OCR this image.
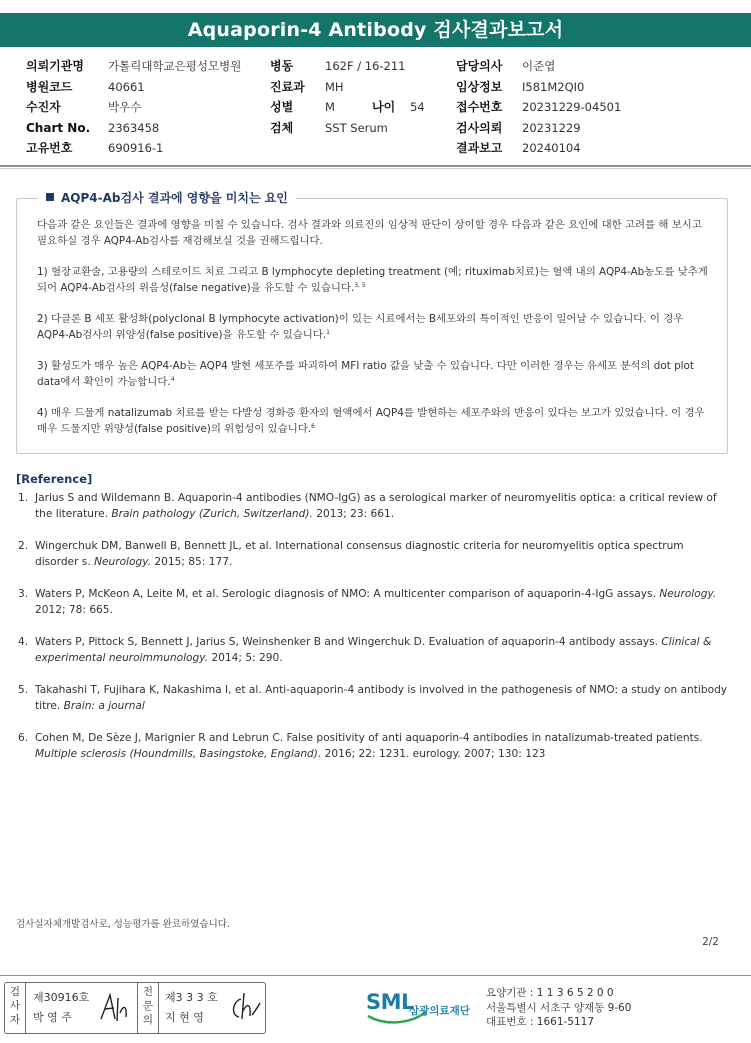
Aquaporin-4 Antibody 검사결과보고서
의뢰기관명 가톨릭대학교은평성모병원
병원코드	40661
수진자	박우수
Chart No. 2363458
고유번호	690916-1
병동	162F / 16-211
진료과 MH
성별	M	나이 54
검체	SST Serum
담당의사 이준엽
임상정보 I581M2QI0
접수번호 20231229-04501
검사의뢰 20231229
결과보고 20240104
다음과 같은 요인들은 결과에 영향을 미칠 수 있습니다. 검사 결과와 의료진의 임상적 판단이 상이할 경우 다음과 같은 요인에 대한 고려를 해 보시고 필요하실 경우 AQP4-Ab검사를 재검해보실 것을 권해드립니다.
1) 혈장교환술, 고용량의 스테로이드 치료 그리고 B lymphocyte depleting treatment (예; rituximab치료)는 혈액 내의 AQP4-Ab농도를 낮추게 되어 AQP4-Ab검사의 위음성(false negative)을 유도할 수 있습니다.$^{3, 5}$
2) 다클론 B 세포 활성화(polyclonal B lymphocyte activation)이 있는 시료에서는 B세포와의 특이적인 반응이 일어날 수 있습니다. 이 경우 AQP4-Ab검사의 위양성(false positive)을 유도할 수 있습니다.$^1$
3) 활성도가 매우 높은 AQP4-Ab는 AQP4 발현 세포주를 파괴하여 MFI ratio 값을 낮출 수 있습니다. 다만 이러한 경우는 유세포 분석의 dot plot data에서 확인이 가능합니다.$^4$
4) 매우 드물게 natalizumab 치료를 받는 다발성 경화증 환자의 혈액에서 AQP4를 발현하는 세포주와의 반응이 있다는 보고가 있었습니다. 이 경우 매우 드물지만 위양성(false positive)의 위험성이 있습니다.$^6$
AQP4-Ab검사 결과에 영향을 미치는 요인
[Reference]
1. Jarius S and Wildemann B. Aquaporin-4 antibodies (NMO-IgG) as a serological marker of neuromyelitis optica: a critical review of the literature. Brain pathology (Zurich, Switzerland). 2013; 23: 661.
2. Wingerchuk DM, Banwell B, Bennett JL, et al. International consensus diagnostic criteria for neuromyelitis optica spectrum disorder s. Neurology. 2015; 85: 177.
3. Waters P, McKeon A, Leite M, et al. Serologic diagnosis of NMO: A multicenter comparison of aquaporin-4-IgG assays. Neurology. 2012; 78: 665.
4. Waters P, Pittock S, Bennett J, Jarius S, Weinshenker B and Wingerchuk D. Evaluation of aquaporin-4 antibody assays. Clinical & experimental neuroimmunology. 2014; 5: 290.
5. Takahashi T, Fujihara K, Nakashima I, et al. Anti-aquaporin-4 antibody is involved in the pathogenesis of NMO: a study on antibody titre. Brain: a journal
6. Cohen M, De Sèze J, Marignier R and Lebrun C. False positivity of anti aquaporin-4 antibodies in natalizumab-treated patients. Multiple sclerosis (Houndmills, Basingstoke, England). 2016; 22: 1231. eurology. 2007; 130: 123
검사실자체개발검사로, 성능평가를 완료하였습니다.
2/2
검
사
자
제30916호
박 영 주
전
문
의
제3 3 3 호
지 현 영
SML
삼광의료재단
요양기관 : 1 1 3 6 5 2 0 0
서울특별시 서초구 양재동 9-60
대표번호 : 1661-5117
